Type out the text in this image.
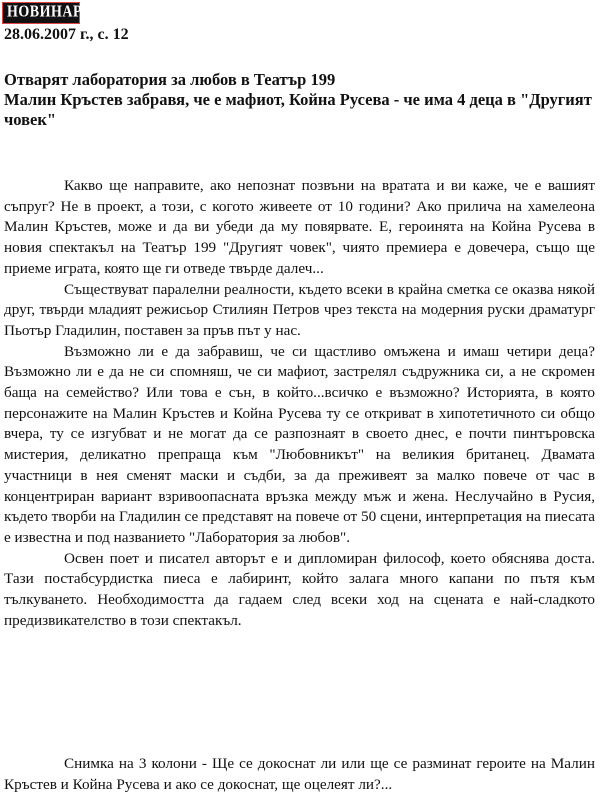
НОВИНАР
28.06.2007 г., с. 12
Отварят лаборатория за любов в Театър 199
Малин Кръстев забравя, че е мафиот, Койна Русева - че има 4 деца в "Другият човек"

Какво ще направите, ако непознат позвъни на вратата и ви каже, че е вашият съпруг? Не в проект, а този, с когото живеете от 10 години? Ако прилича на хамелеона Малин Кръстев, може и да ви убеди да му повярвате. Е, героинята на Койна Русева в новия спектакъл на Театър 199 "Другият човек", чиято премиера е довечера, също ще приеме играта, която ще ги отведе твърде далеч...

Съществуват паралелни реалности, където всеки в крайна сметка се оказва някой друг, твърди младият режисьор Стилиян Петров чрез текста на модерния руски драматург Пьотър Гладилин, поставен за пръв път у нас.

Възможно ли е да забравиш, че си щастливо омъжена и имаш четири деца? Възможно ли е да не си спомняш, че си мафиот, застрелял съдружника си, а не скромен баща на семейство? Или това е сън, в който...всичко е възможно? Историята, в която персонажите на Малин Кръстев и Койна Русева ту се откриват в хипотетичното си общо вчера, ту се изгубват и не могат да се разпознаят в своето днес, е почти пинтъровска мистерия, деликатно препраща към "Любовникът" на великия британец. Двамата участници в нея сменят маски и съдби, за да преживеят за малко повече от час в концентриран вариант взривоопасната връзка между мъж и жена. Неслучайно в Русия, където творби на Гладилин се представят на повече от 50 сцени, интерпретация на пиесата е известна и под названието "Лаборатория за любов".

Освен поет и писател авторът е и дипломиран философ, което обяснява доста. Тази постабсурдистка пиеса е лабиринт, който залага много капани по пътя към тълкуването. Необходимостта да гадаем след всеки ход на сцената е най-сладкото предизвикателство в този спектакъл.

Снимка на 3 колони - Ще се докоснат ли или ще се разминат героите на Малин Кръстев и Койна Русева и ако се докоснат, ще оцелеят ли?...
